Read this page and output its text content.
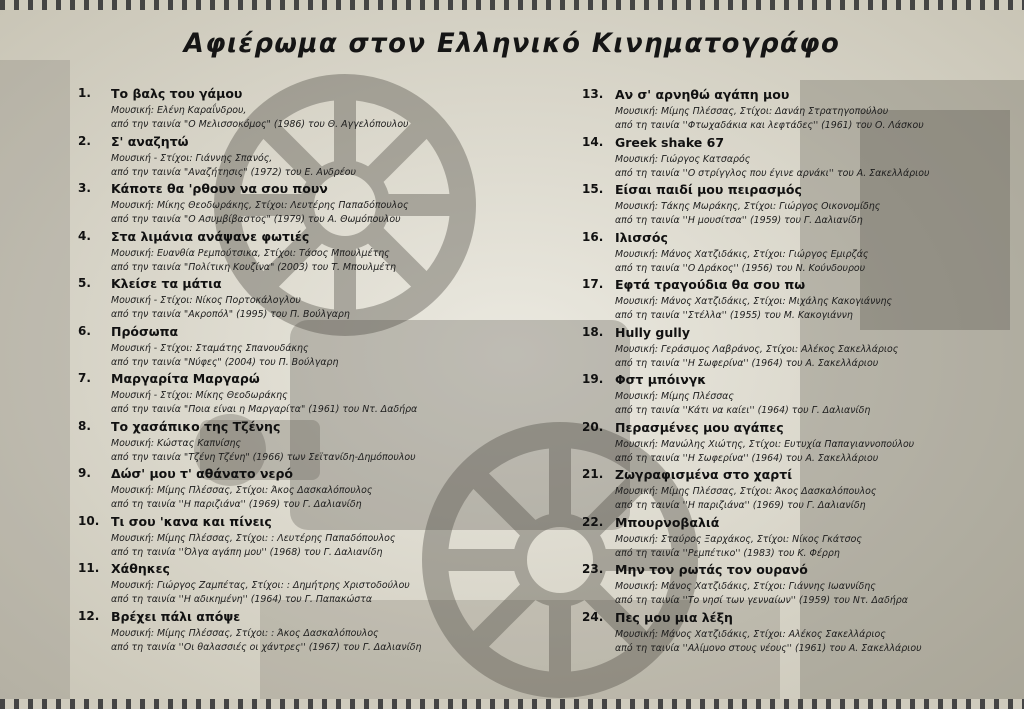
Αφιέρωμα στον Ελληνικό Κινηματογράφο
1.	Το βαλς του γάμου
Μουσική: Ελένη Καραΐνδρου,
από την ταινία "Ο Μελισσοκόμος" (1986) του Θ. Αγγελόπουλου
2.	Σ' αναζητώ
Μουσική - Στίχοι: Γιάννης Σπανός,
από την ταινία "Αναζήτησις" (1972) του Ε. Ανδρέου
3.	Κάποτε θα 'ρθουν να σου πουν
Μουσική: Μίκης Θεοδωράκης, Στίχοι: Λευτέρης Παπαδόπουλος
από την ταινία "Ο Ασυμβίβαστος" (1979) του Α. Θωμόπουλου
4.	Στα λιμάνια ανάψανε φωτιές
Μουσική: Ευανθία Ρεμπούτσικα, Στίχοι: Τάσος Μπουλμέτης
από την ταινία "Πολίτικη Κουζίνα" (2003) του Τ. Μπουλμέτη
5.	Κλείσε τα μάτια
Μουσική - Στίχοι: Νίκος Πορτοκάλογλου
από την ταινία "Ακροπόλ" (1995) του Π. Βούλγαρη
6.	Πρόσωπα
Μουσική - Στίχοι: Σταμάτης Σπανουδάκης
από την ταινία "Νύφες" (2004) του Π. Βούλγαρη
7.	Μαργαρίτα Μαργαρώ
Μουσική - Στίχοι: Μίκης Θεοδωράκης
από την ταινία "Ποια είναι η Μαργαρίτα" (1961) του Ντ. Δαδήρα
8.	Το χασάπικο της Τζένης
Μουσική: Κώστας Καπνίσης
από την ταινία "Τζένη Τζένη" (1966) των Σεϊτανίδη-Δημόπουλου
9.	Δώσ' μου τ' αθάνατο νερό
Μουσική: Μίμης Πλέσσας, Στίχοι: Άκος Δασκαλόπουλος
από τη ταινία ''Η παριζιάνα'' (1969) του Γ. Δαλιανίδη
10. Τι σου 'κανα και πίνεις
Μουσική: Μίμης Πλέσσας, Στίχοι: : Λευτέρης Παπαδόπουλος
από τη ταινία ''Όλγα αγάπη μου'' (1968) του Γ. Δαλιανίδη
11. Χάθηκες
Μουσική: Γιώργος Ζαμπέτας, Στίχοι: : Δημήτρης Χριστοδούλου
από τη ταινία ''Η αδικημένη'' (1964) του Γ. Παπακώστα
12. Βρέχει πάλι απόψε
Μουσική: Μίμης Πλέσσας, Στίχοι: : Άκος Δασκαλόπουλος
από τη ταινία ''Οι θαλασσιές οι χάντρες'' (1967) του Γ. Δαλιανίδη
13. Αν σ' αρνηθώ αγάπη μου
Μουσική: Μίμης Πλέσσας, Στίχοι: Δανάη Στρατηγοπούλου
από τη ταινία ''Φτωχαδάκια και λεφτάδες'' (1961) του Ο. Λάσκου
14. Greek shake 67
Μουσική: Γιώργος Κατσαρός
από τη ταινία ''Ο στρίγγλος που έγινε αρνάκι'' του Α. Σακελλάριου
15. Είσαι παιδί μου πειρασμός
Μουσική: Τάκης Μωράκης, Στίχοι: Γιώργος Οικονομίδης
από τη ταινία ''Η μουσίτσα'' (1959) του Γ. Δαλιανίδη
16. Ιλισσός
Μουσική: Μάνος Χατζιδάκις, Στίχοι: Γιώργος Εμιρζάς
από τη ταινία ''Ο Δράκος'' (1956) του Ν. Κούνδουρου
17. Εφτά τραγούδια θα σου πω
Μουσική: Μάνος Χατζιδάκις, Στίχοι: Μιχάλης Κακογιάννης
από τη ταινία ''Στέλλα'' (1955) του Μ. Κακογιάννη
18. Hully gully
Μουσική: Γεράσιμος Λαβράνος, Στίχοι: Αλέκος Σακελλάριος
από τη ταινία ''Η Σωφερίνα'' (1964) του Α. Σακελλάριου
19. Φστ μπόινγκ
Μουσική: Μίμης Πλέσσας
από τη ταινία ''Κάτι να καίει'' (1964) του Γ. Δαλιανίδη
20. Περασμένες μου αγάπες
Μουσική: Μανώλης Χιώτης, Στίχοι: Ευτυχία Παπαγιαννοπούλου
από τη ταινία ''Η Σωφερίνα'' (1964) του Α. Σακελλάριου
21. Ζωγραφισμένα στο χαρτί
Μουσική: Μίμης Πλέσσας, Στίχοι: Άκος Δασκαλόπουλος
από τη ταινία ''Η παριζιάνα'' (1969) του Γ. Δαλιανίδη
22. Μπουρνοβαλιά
Μουσική: Σταύρος Ξαρχάκος, Στίχοι: Νίκος Γκάτσος
από τη ταινία ''Ρεμπέτικο'' (1983) του Κ. Φέρρη
23. Μην τον ρωτάς τον ουρανό
Μουσική: Μάνος Χατζιδάκις, Στίχοι: Γιάννης Ιωαννίδης
από τη ταινία ''Το νησί των γενναίων'' (1959) του Ντ. Δαδήρα
24. Πες μου μια λέξη
Μουσική: Μάνος Χατζιδάκις, Στίχοι: Αλέκος Σακελλάριος
από τη ταινία ''Αλίμονο στους νέους'' (1961) του Α. Σακελλάριου
